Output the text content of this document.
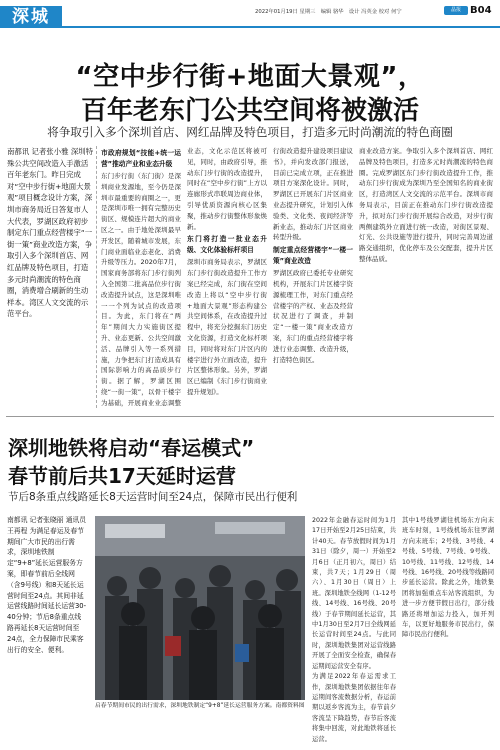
深城	2022年01月19日 星期三　编辑 骆华　设计 冯英金 校对 何宁	晶报 B04
“空中步行街+地面大景观”，
百年老东门公共空间将被激活
将争取引入多个深圳首店、网红品牌及特色项目，打造多元时尚潮流的特色商圈
南都讯 记者张小雅 深圳特殊公共空间改造入手激活百年老东门。昨日完成对“空中步行街+地面大景观”项目概念设计方案，深圳市商务局近日答复市人大代表，罗湖区政府初步制定东门重点经营楼宇“一街一策”商业改造方案，争取引入多个深圳首店、网红品牌及特色项目，打造多元时尚潮流的特色商圈，消费增合刷新的生动样本。湾区人文交流的示范平台。
市政府规划“技能+统一运营”推动产业和业态升级
东门步行街（东门街）是深圳商业发源地，至今仍是深圳市最重要的商圈之一，更是深圳市唯一拥有完整历史街区、规模连片超大的商业区之一。由于地处深圳最早开发区，随着城市发展，东门商业面临业态老化、消费升级等压力。2020年7月，国家商务部将东门步行街列入全国第二批高品位步行街改造提升试点，这是深圳唯一一个列为试点的改造项目。为此，东门将在“两年”期间大力实施街区提升、业态更新、公共空间激活、品牌引入等一系列措施，力争把东门打造成具有国际影响力的高品质步行街。据了解，罗湖区围绕“一街一策”，以骨干楼宇为基础，开展商业业态调整
业态，文化示范区将被可见，同时，由政府引导，推动东门步行街的改造提升，同时在“空中步行街”上方以连廊形式串联周边商业体，引导优质资源向核心区集聚，推动步行街整体形象焕新。
东门将打造一批业态升级、文化体验标杆项目
深圳市商务局表示，罗湖区东门步行街改造提升工作方案已经完成，东门街在空间改造上将以“空中步行街+地面大景观”形态构建公共空间体系，在改造提升过程中，将充分挖掘东门历史文化资源，打造文化标杆项目，同时将对东门片区内的楼宇进行外立面改造，提升片区整体形象。另外，罗湖区已编制《东门步行街商业提升规划》。
行街改造提升建设项目建议书》，并向发改部门报送，目前已完成立项，正在推进项目方案深化设计。同时，罗湖区已开展东门片区商业业态提升研究，计划引入体验类、文化类、夜间经济等新业态，推动东门片区商业转型升级。
制定重点经营楼宇“一楼一策”商业改造
罗湖区政府已委托专业研究机构，开展东门片区楼宇资源梳理工作，对东门重点经营楼宇的产权、业态及经营状况进行了调查，并制定“一楼一策”商业改造方案，东门的重点经营楼宇将进行业态调整、改造升级，打造特色街区。
商业改造方案。争取引入多个深圳首店、网红品牌及特色项目，打造多元时尚潮流的特色商圈。完成罗湖区东门步行街改造提升工作，推动东门步行街成为深圳乃至全国知名的商业街区，打造湾区人文交流的示范平台。深圳市商务局表示，目前正在推动东门步行街改造提升，拟对东门步行街开展综合改造，对步行街两侧建筑外立面进行统一改造，对街区景观、灯光、公共设施等进行提升，同时完善周边道路交通组织，优化停车及公交配套，提升片区整体品质。
深圳地铁将启动“春运模式”
春节前后共17天延时运营
节后8条重点线路延长8天运营时间至24点，保障市民出行便利
南都讯 记者张晓丽 通讯员王再程 为满足春运及春节期间广大市民的出行需求，深圳地铁制定“9+8”延长运营服务方案，即春节前后全线网（含9号线）和8天延长运营时间至24点。其间非延运营线路时间延长运营30-40分钟；节后8条重点线路再延长8天运营时间至24点，全力保障市民乘客出行的安全、便利。
启春节期间市民的出行需求，深圳地铁制定“9+8”延长运营服务方案。南都资料图
2022年金融春运时间为1月17日开始至2月25日结束，共计40天。春节放假时间为1月31日（除夕，周一）开始至2月6日（正月初六，周日）结束，共7天；1月29日（周六）、1月30日（周日）上班。深圳地铁全线网（1-12号线、14号线、16号线、20号线）于春节期间延长运营，其中1月30日至2月7日全线网延长运营时间至24点。与此同时，深圳地铁集团对运营线路开展了全面安全检查，确保春运期间运营安全有序。
为满足2022年春运需求工作，深圳地铁集团依据往年春运期间客流数据分析，春运前期以返乡客流为主，春节前夕客流呈下降趋势，春节后客流将集中回流，对此地铁将延长运营。
其中1号线罗湖往机场东方向末班车时刻，1号线机场东往罗湖方向末班车；2号线、3号线、4号线、5号线、7号线、9号线、10号线、11号线、12号线、14号线、16号线、20号线等线路同步延长运营。除此之外，地铁集团将加强重点车站客流组织，为进一步方便节假日出行，部分线路还将增加运力投入，加开列车，以更好地服务市民出行，保障市民出行便利。
